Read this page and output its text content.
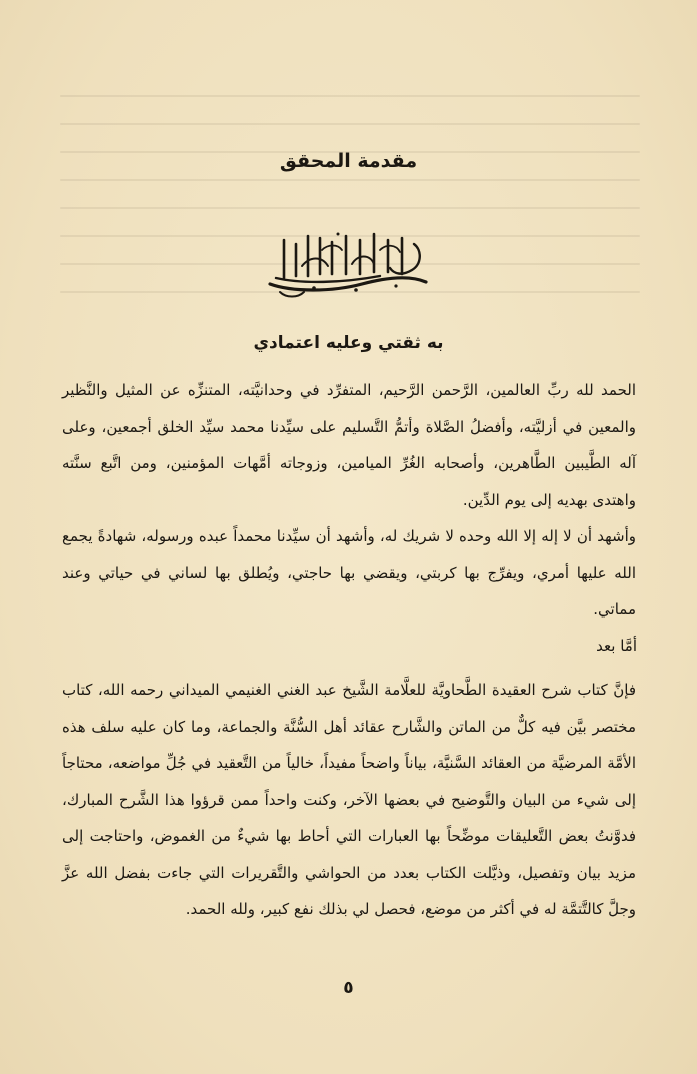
مقدمة المحقق
به ثقتي وعليه اعتمادي

الحمد لله ربِّ العالمين، الرَّحمن الرَّحيم، المتفرِّد في وحدانيَّته، المتنزِّه عن المثيل والنَّظير والمعين في أزليَّته، وأفضلُ الصَّلاة وأتمُّ التَّسليم على سيِّدنا محمد سيِّد الخلق أجمعين، وعلى آله الطَّيبين الطَّاهرين، وأصحابه الغُرِّ الميامين، وزوجاته أمَّهات المؤمنين، ومن اتَّبع سنَّته واهتدى بهديه إلى يوم الدِّين.

وأشهد أن لا إله إلا الله وحده لا شريك له، وأشهد أن سيِّدنا محمداً عبده ورسوله، شهادةً يجمع الله عليها أمري، ويفرِّج بها كربتي، ويقضي بها حاجتي، ويُطلق بها لساني في حياتي وعند مماتي.

أمَّا بعد

فإنَّ كتاب شرح العقيدة الطَّحاويَّة للعلَّامة الشَّيخ عبد الغني الغنيمي الميداني رحمه الله، كتاب مختصر بيَّن فيه كلٌّ من الماتن والشَّارح عقائد أهل السُّنَّة والجماعة، وما كان عليه سلف هذه الأمَّة المرضيَّة من العقائد السَّنيَّة، بياناً واضحاً مفيداً، خالياً من التَّعقيد في جُلِّ مواضعه، محتاجاً إلى شيء من البيان والتَّوضيح في بعضها الآخر، وكنت واحداً ممن قرؤوا هذا الشَّرح المبارك، فدوَّنتُ بعض التَّعليقات موضِّحاً بها العبارات التي أحاط بها شيءٌ من الغموض، واحتاجت إلى مزيد بيان وتفصيل، وذيَّلت الكتاب بعدد من الحواشي والتَّقريرات التي جاءت بفضل الله عزَّ وجلَّ كالتَّتمَّة له في أكثر من موضع، فحصل لي بذلك نفع كبير، ولله الحمد.

٥
